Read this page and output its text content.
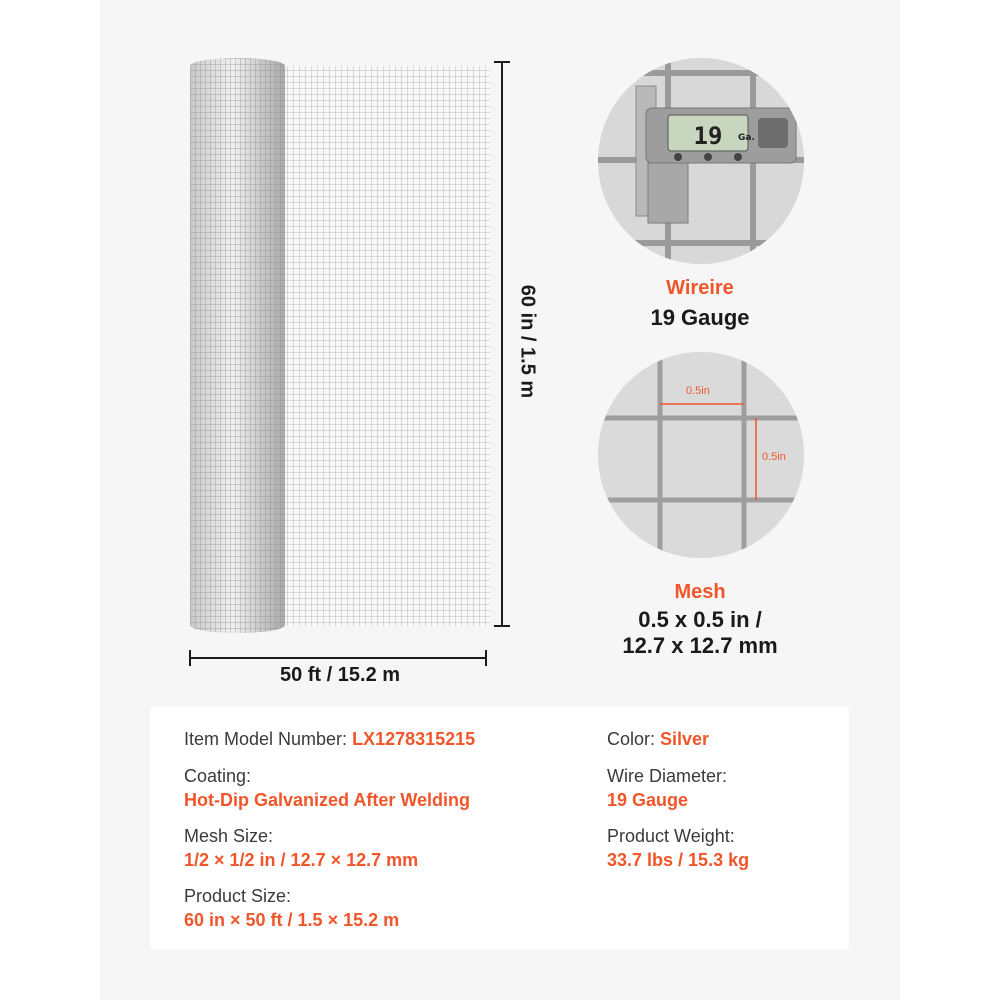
60 in / 1.5 m
50 ft / 15.2 m
19 Ga.
Wireire
19 Gauge
0.5in
0.5in
Mesh
0.5 x 0.5 in /
12.7 x 12.7 mm
Item Model Number: LX1278315215
Coating:
Hot-Dip Galvanized After Welding
Mesh Size:
1/2 × 1/2 in / 12.7 × 12.7 mm
Product Size:
60 in × 50 ft / 1.5 × 15.2 m
Color: Silver
Wire Diameter:
19 Gauge
Product Weight:
33.7 lbs / 15.3 kg
